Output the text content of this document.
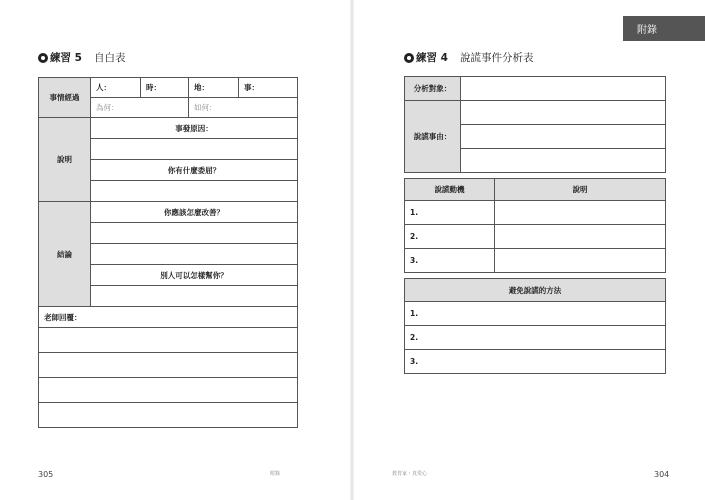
練習 5 自白表
事情經過	人：	時：	地：	事：
	為何：		如何：	
說明	事發原因：			

	你有什麼委屈？			

結論	你應該怎麼改善？			

	別人可以怎樣幫你？			

老師回覆：				

305	附錄
附錄
練習 4 說謊事件分析表
分析對象：	
說謊事由：	

說謊動機	說明
1.	
2.	
3.	
避免說謊的方法
1.
2.
3.
教育家・真愛心	304
